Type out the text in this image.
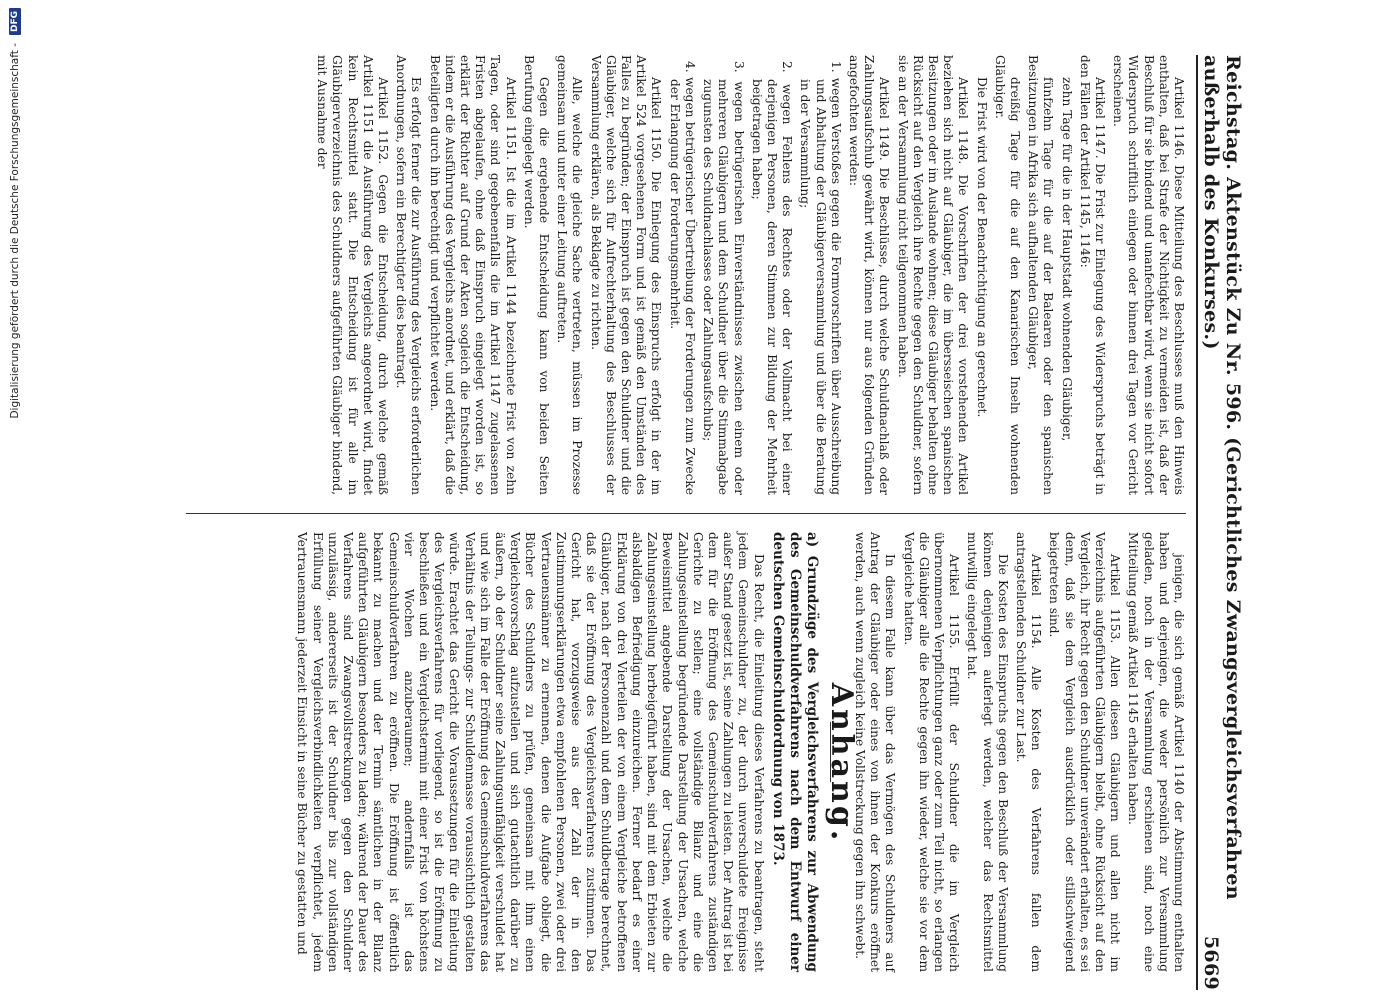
Reichstag. Aktenstück Zu Nr. 596. (Gerichtliches Zwangsvergleichsverfahren außerhalb des Konkurses.)
5669

Artikel 1146. Diese Mitteilung des Beschlusses muß den Hinweis enthalten, daß bei Strafe der Nichtigkeit zu vermeiden ist, daß der Beschluß für sie bindend und unanfechtbar wird, wenn sie nicht sofort Widerspruch schriftlich einlegen oder binnen drei Tagen vor Gericht erscheinen.

Artikel 1147. Die Frist zur Einlegung des Widerspruchs beträgt in den Fällen der Artikel 1145, 1146:

zehn Tage für die in der Hauptstadt wohnenden Gläubiger,

fünfzehn Tage für die auf der Balearen oder den spanischen Besitzungen in Afrika sich aufhaltenden Gläubiger,

dreißig Tage für die auf den Kanarischen Inseln wohnenden Gläubiger.

Die Frist wird von der Benachrichtigung an gerechnet.

Artikel 1148. Die Vorschriften der drei vorstehenden Artikel beziehen sich nicht auf Gläubiger, die im übersseischen spanischen Besitzungen oder im Auslande wohnen; diese Gläubiger behalten ohne Rücksicht auf den Vergleich ihre Rechte gegen den Schuldner, sofern sie an der Versammlung nicht teilgenommen haben.

Artikel 1149. Die Beschlüsse, durch welche Schuldnachlaß oder Zahlungsaufschub gewährt wird, können nur aus folgenden Gründen angefochten werden:

1. wegen Verstoßes gegen die Formvorschriften über Ausschreibung und Abhaltung der Gläubigerversammlung und über die Beratung in der Versammlung;

2. wegen Fehlens des Rechtes oder der Vollmacht bei einer derjenigen Personen, deren Stimmen zur Bildung der Mehrheit beigetragen haben;

3. wegen betrügerischen Einverständnisses zwischen einem oder mehreren Gläubigern und dem Schuldner über die Stimmabgabe zugunsten des Schuldnachlasses oder Zahlungsaufschubs;

4. wegen betrügerischer Übertreibung der Forderungen zum Zwecke der Erlangung der Forderungsmehrheit.

Artikel 1150. Die Einlegung des Einspruchs erfolgt in der im Artikel 524 vorgesehenen Form und ist gemäß den Umständen des Falles zu begründen; der Einspruch ist gegen den Schuldner und die Gläubiger, welche sich für Aufrechterhaltung des Beschlusses der Versammlung erklären, als Beklagte zu richten.

Alle, welche die gleiche Sache vertreten, müssen im Prozesse gemeinsam und unter einer Leitung auftreten.

Gegen die ergehende Entscheidung kann von beiden Seiten Berufung eingelegt werden.

Artikel 1151. Ist die im Artikel 1144 bezeichnete Frist von zehn Tagen, oder sind gegebenenfalls die im Artikel 1147 zugelassenen Fristen abgelaufen, ohne daß Einspruch eingelegt worden ist, so erklärt der Richter auf Grund der Akten sogleich die Entscheidung, indem er die Ausführung des Vergleichs anordnet, und erklärt, daß die Beteiligten durch ihn berechtigt und verpflichtet werden.

Es erfolgt ferner die zur Ausführung des Vergleichs erforderlichen Anordnungen, sofern ein Berechtigter dies beantragt.

Artikel 1152. Gegen die Entscheidung, durch welche gemäß Artikel 1151 die Ausführung des Vergleichs angeordnet wird, findet kein Rechtsmittel statt. Die Entscheidung ist für alle im Gläubigerverzeichnis des Schuldners aufgeführten Gläubiger bindend, mit Ausnahme der

jenigen, die sich gemäß Artikel 1140 der Abstimmung enthalten haben und derjenigen, die weder persönlich zur Versammlung geladen, noch in der Versammlung erschienen sind, noch eine Mitteilung gemäß Artikel 1145 erhalten haben.

Artikel 1153. Allen diesen Gläubigern und allen nicht im Verzeichnis aufgeführten Gläubigern bleibt, ohne Rücksicht auf den Vergleich, ihr Recht gegen den Schuldner unverändert erhalten, es sei denn, daß sie dem Vergleich ausdrücklich oder stillschweigend beigetreten sind.

Artikel 1154. Alle Kosten des Verfahrens fallen dem antragstellenden Schuldner zur Last.

Die Kosten des Einspruchs gegen den Beschluß der Versammlung können denjenigen auferlegt werden, welcher das Rechtsmittel mutwillig eingelegt hat.

Artikel 1155. Erfüllt der Schuldner die im Vergleich übernommenen Verpflichtungen ganz oder zum Teil nicht, so erlangen die Gläubiger alle die Rechte gegen ihn wieder, welche sie vor dem Vergleiche hatten.

In diesem Falle kann über das Vermögen des Schuldners auf Antrag der Gläubiger oder eines von ihnen der Konkurs eröffnet werden, auch wenn zugleich keine Vollstreckung gegen ihn schwebt.

Anhang.

a) Grundzüge des Vergleichsverfahrens zur Abwendung des Gemeinschuldverfahrens nach dem Entwurf einer deutschen Gemeinschuldordnung von 1873.

Das Recht, die Einleitung dieses Verfahrens zu beantragen, steht jedem Gemeinschuldner zu, der durch unverschuldete Ereignisse außer Stand gesetzt ist, seine Zahlungen zu leisten. Der Antrag ist bei dem für die Eröffnung des Gemeinschuldverfahrens zuständigen Gerichte zu stellen; eine vollständige Bilanz und eine die Zahlungseinstellung begründende Darstellung der Ursachen, welche Beweismittel angebende Darstellung der Ursachen, welche die Zahlungseinstellung herbeigeführt haben, sind mit dem Erbieten zur alsbaldigen Befriedigung einzureichen. Ferner bedarf es einer Erklärung von drei Vierteilen der von einem Vergleiche betroffenen Gläubiger, nach der Personenzahl und dem Schuldbetrage berechnet, daß sie der Eröffnung des Vergleichsverfahrens zustimmen. Das Gericht hat, vorzugsweise aus der Zahl der in den Zustimmungserklärungen etwa empfohlenen Personen, zwei oder drei Vertrauensmänner zu ernennen, denen die Aufgabe obliegt, die Bücher des Schuldners zu prüfen, gemeinsam mit ihm einen Vergleichsvorschlag aufzustellen und sich gutachtlich darüber zu äußern, ob der Schuldner seine Zahlungsunfähigkeit verschuldet hat und wie sich im Falle der Eröffnung des Gemeinschuldverfahrens das Verhältnis der Teilungs- zur Schuldenmasse voraussichtlich gestalten würde. Erachtet das Gericht die Voraussetzungen für die Einleitung des Vergleichsverfahrens für vorliegend, so ist die Eröffnung zu beschließen und ein Vergleichstermin mit einer Frist von höchstens vier Wochen anzuberaumen; andernfalls ist das Gemeinschuldverfahren zu eröffnen. Die Eröffnung ist öffentlich bekannt zu machen und der Termin sämtlichen in der Bilanz aufgeführten Gläubigern besonders zu laden; während der Dauer des Verfahrens sind Zwangsvollstreckungen gegen den Schuldner unzulässig, andererseits ist der Schuldner bis zur vollständigen Erfüllung seiner Vergleichsverbindlichkeiten verpflichtet, jedem Vertrauensmann jederzeit Einsicht in seine Bücher zu gestatten und

Digitalisierung gefördert durch die Deutsche Forschungsgemeinschaft -
DFG
